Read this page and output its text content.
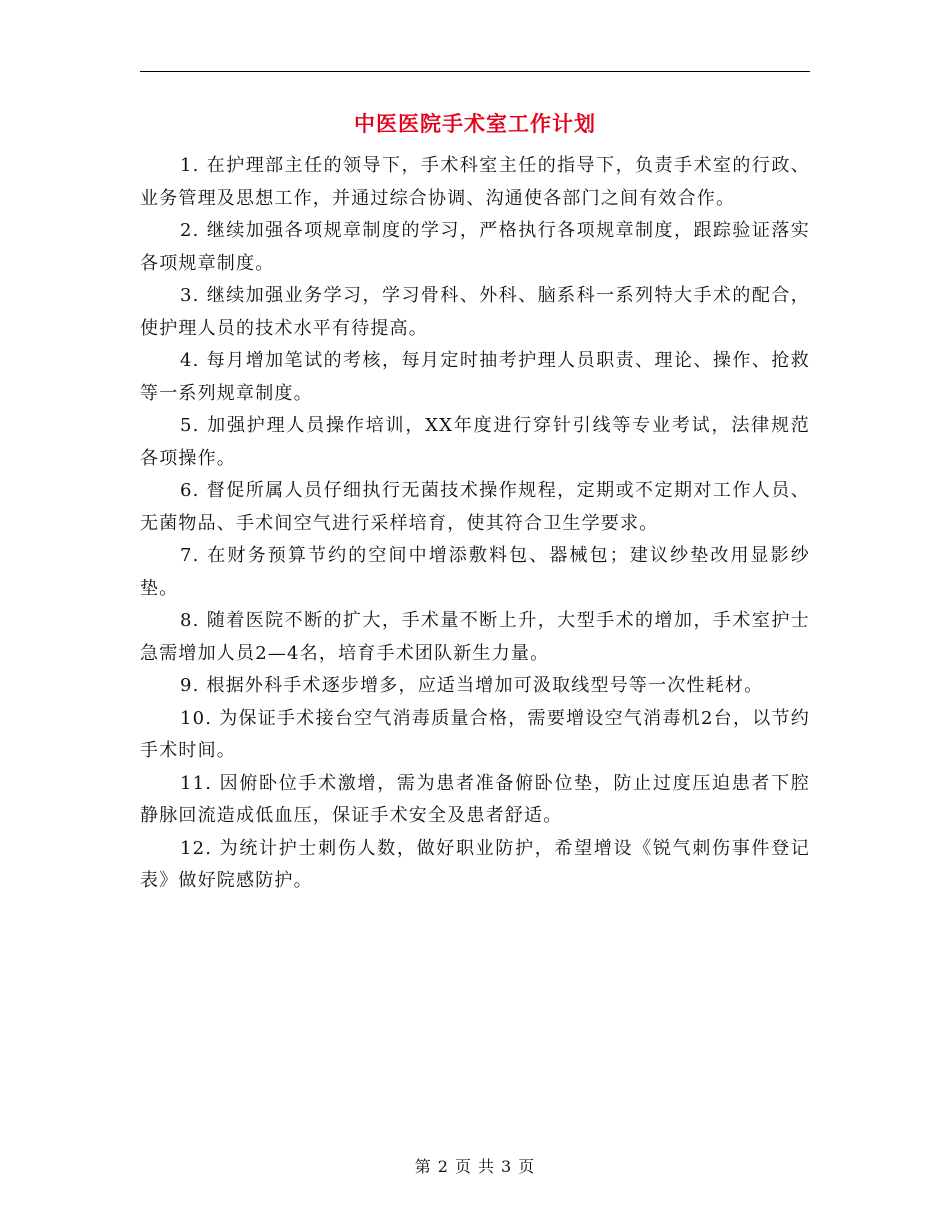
中医医院手术室工作计划

1. 在护理部主任的领导下，手术科室主任的指导下，负责手术室的行政、业务管理及思想工作，并通过综合协调、沟通使各部门之间有效合作。

2. 继续加强各项规章制度的学习，严格执行各项规章制度，跟踪验证落实各项规章制度。

3. 继续加强业务学习，学习骨科、外科、脑系科一系列特大手术的配合，使护理人员的技术水平有待提高。

4. 每月增加笔试的考核，每月定时抽考护理人员职责、理论、操作、抢救等一系列规章制度。

5. 加强护理人员操作培训，XX年度进行穿针引线等专业考试，法律规范各项操作。

6. 督促所属人员仔细执行无菌技术操作规程，定期或不定期对工作人员、无菌物品、手术间空气进行采样培育，使其符合卫生学要求。

7. 在财务预算节约的空间中增添敷料包、器械包；建议纱垫改用显影纱垫。

8. 随着医院不断的扩大，手术量不断上升，大型手术的增加，手术室护士急需增加人员2—4名，培育手术团队新生力量。

9. 根据外科手术逐步增多，应适当增加可汲取线型号等一次性耗材。

10. 为保证手术接台空气消毒质量合格，需要增设空气消毒机2台，以节约手术时间。

11. 因俯卧位手术激增，需为患者准备俯卧位垫，防止过度压迫患者下腔静脉回流造成低血压，保证手术安全及患者舒适。

12. 为统计护士刺伤人数，做好职业防护，希望增设《锐气刺伤事件登记表》做好院感防护。

第 2 页 共 3 页
